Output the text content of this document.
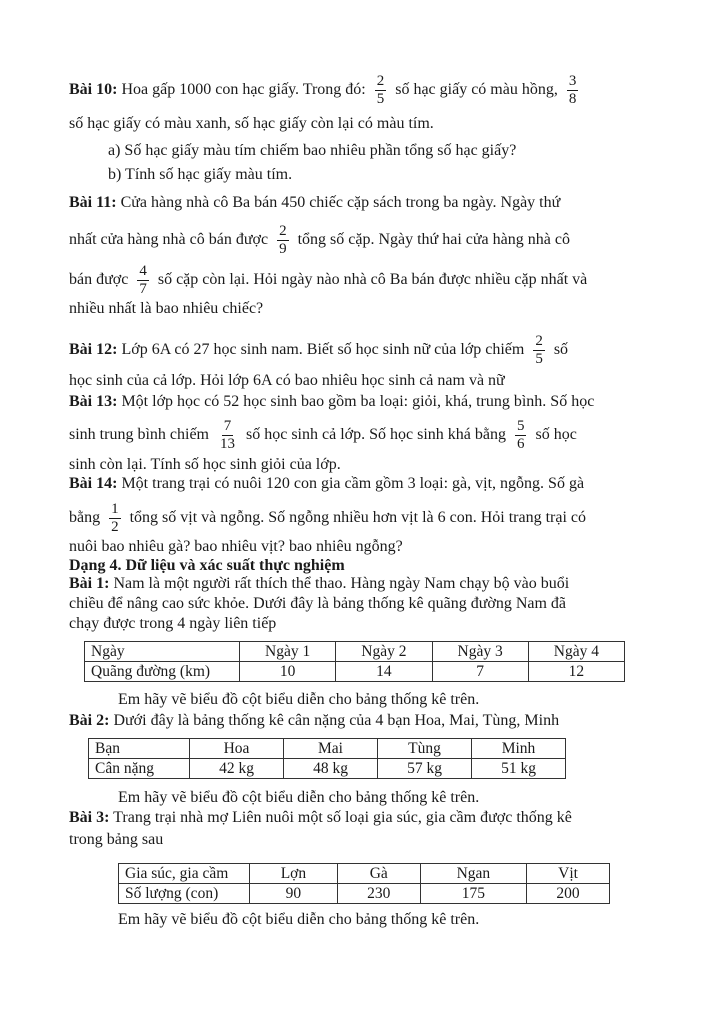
Bài 10: Hoa gấp 1000 con hạc giấy. Trong đó: $\frac{2}{5}$ số hạc giấy có màu hồng, $\frac{3}{8}$
số hạc giấy có màu xanh, số hạc giấy còn lại có màu tím.
a) Số hạc giấy màu tím chiếm bao nhiêu phần tổng số hạc giấy?
b) Tính số hạc giấy màu tím.
Bài 11: Cửa hàng nhà cô Ba bán 450 chiếc cặp sách trong ba ngày. Ngày thứ
nhất cửa hàng nhà cô bán được $\frac{2}{9}$ tổng số cặp. Ngày thứ hai cửa hàng nhà cô
bán được $\frac{4}{7}$ số cặp còn lại. Hỏi ngày nào nhà cô Ba bán được nhiều cặp nhất và
nhiều nhất là bao nhiêu chiếc?
Bài 12: Lớp 6A có 27 học sinh nam. Biết số học sinh nữ của lớp chiếm $\frac{2}{5}$ số
học sinh của cả lớp. Hỏi lớp 6A có bao nhiêu học sinh cả nam và nữ
Bài 13: Một lớp học có 52 học sinh bao gồm ba loại: giỏi, khá, trung bình. Số học
sinh trung bình chiếm $\frac{7}{13}$ số học sinh cả lớp. Số học sinh khá bằng $\frac{5}{6}$ số học
sinh còn lại. Tính số học sinh giỏi của lớp.
Bài 14: Một trang trại có nuôi 120 con gia cầm gồm 3 loại: gà, vịt, ngỗng. Số gà
bằng $\frac{1}{2}$ tổng số vịt và ngỗng. Số ngỗng nhiều hơn vịt là 6 con. Hỏi trang trại có
nuôi bao nhiêu gà? bao nhiêu vịt? bao nhiêu ngỗng?
Dạng 4. Dữ liệu và xác suất thực nghiệm
Bài 1: Nam là một người rất thích thể thao. Hàng ngày Nam chạy bộ vào buổi
chiều để nâng cao sức khỏe. Dưới đây là bảng thống kê quãng đường Nam đã
chạy được trong 4 ngày liên tiếp
Ngày	Ngày 1	Ngày 2	Ngày 3	Ngày 4
Quãng đường (km)	10	14	7	12
Em hãy vẽ biểu đồ cột biểu diễn cho bảng thống kê trên.
Bài 2: Dưới đây là bảng thống kê cân nặng của 4 bạn Hoa, Mai, Tùng, Minh
Bạn	Hoa	Mai	Tùng	Minh
Cân nặng	42 kg	48 kg	57 kg	51 kg
Em hãy vẽ biểu đồ cột biểu diễn cho bảng thống kê trên.
Bài 3: Trang trại nhà mợ Liên nuôi một số loại gia súc, gia cầm được thống kê
trong bảng sau
Gia súc, gia cầm	Lợn	Gà	Ngan	Vịt
Số lượng (con)	90	230	175	200
Em hãy vẽ biểu đồ cột biểu diễn cho bảng thống kê trên.
